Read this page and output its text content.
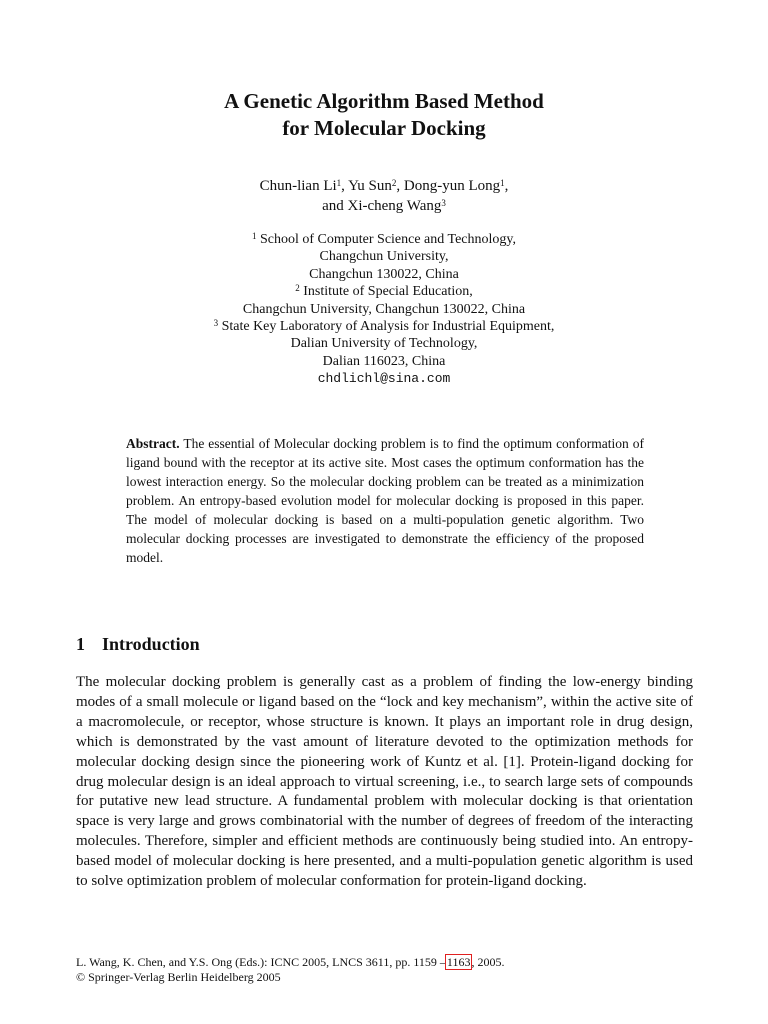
A Genetic Algorithm Based Method
for Molecular Docking
Chun-lian Li$^1$, Yu Sun$^2$, Dong-yun Long$^1$,
and Xi-cheng Wang$^3$
$^1$ School of Computer Science and Technology,
Changchun University,
Changchun 130022, China
$^2$ Institute of Special Education,
Changchun University, Changchun 130022, China
$^3$ State Key Laboratory of Analysis for Industrial Equipment,
Dalian University of Technology,
Dalian 116023, China
chdlichl@sina.com

Abstract. The essential of Molecular docking problem is to find the optimum conformation of ligand bound with the receptor at its active site. Most cases the optimum conformation has the lowest interaction energy. So the molecular docking problem can be treated as a minimization problem. An entropy-based evolution model for molecular docking is proposed in this paper. The model of molecular docking is based on a multi-population genetic algorithm. Two molecular docking processes are investigated to demonstrate the efficiency of the proposed model.

1 Introduction

The molecular docking problem is generally cast as a problem of finding the low-energy binding modes of a small molecule or ligand based on the “lock and key mechanism”, within the active site of a macromolecule, or receptor, whose structure is known. It plays an important role in drug design, which is demonstrated by the vast amount of literature devoted to the optimization methods for molecular docking design since the pioneering work of Kuntz et al. [1]. Protein-ligand docking for drug molecular design is an ideal approach to virtual screening, i.e., to search large sets of compounds for putative new lead structure. A fundamental problem with molecular docking is that orientation space is very large and grows combinatorial with the number of degrees of freedom of the interacting molecules. Therefore, simpler and efficient methods are continuously being studied into. An entropy-based model of molecular docking is here presented, and a multi-population genetic algorithm is used to solve optimization problem of molecular conformation for protein-ligand docking.

L. Wang, K. Chen, and Y.S. Ong (Eds.): ICNC 2005, LNCS 3611, pp. 1159 –1163, 2005.
© Springer-Verlag Berlin Heidelberg 2005
